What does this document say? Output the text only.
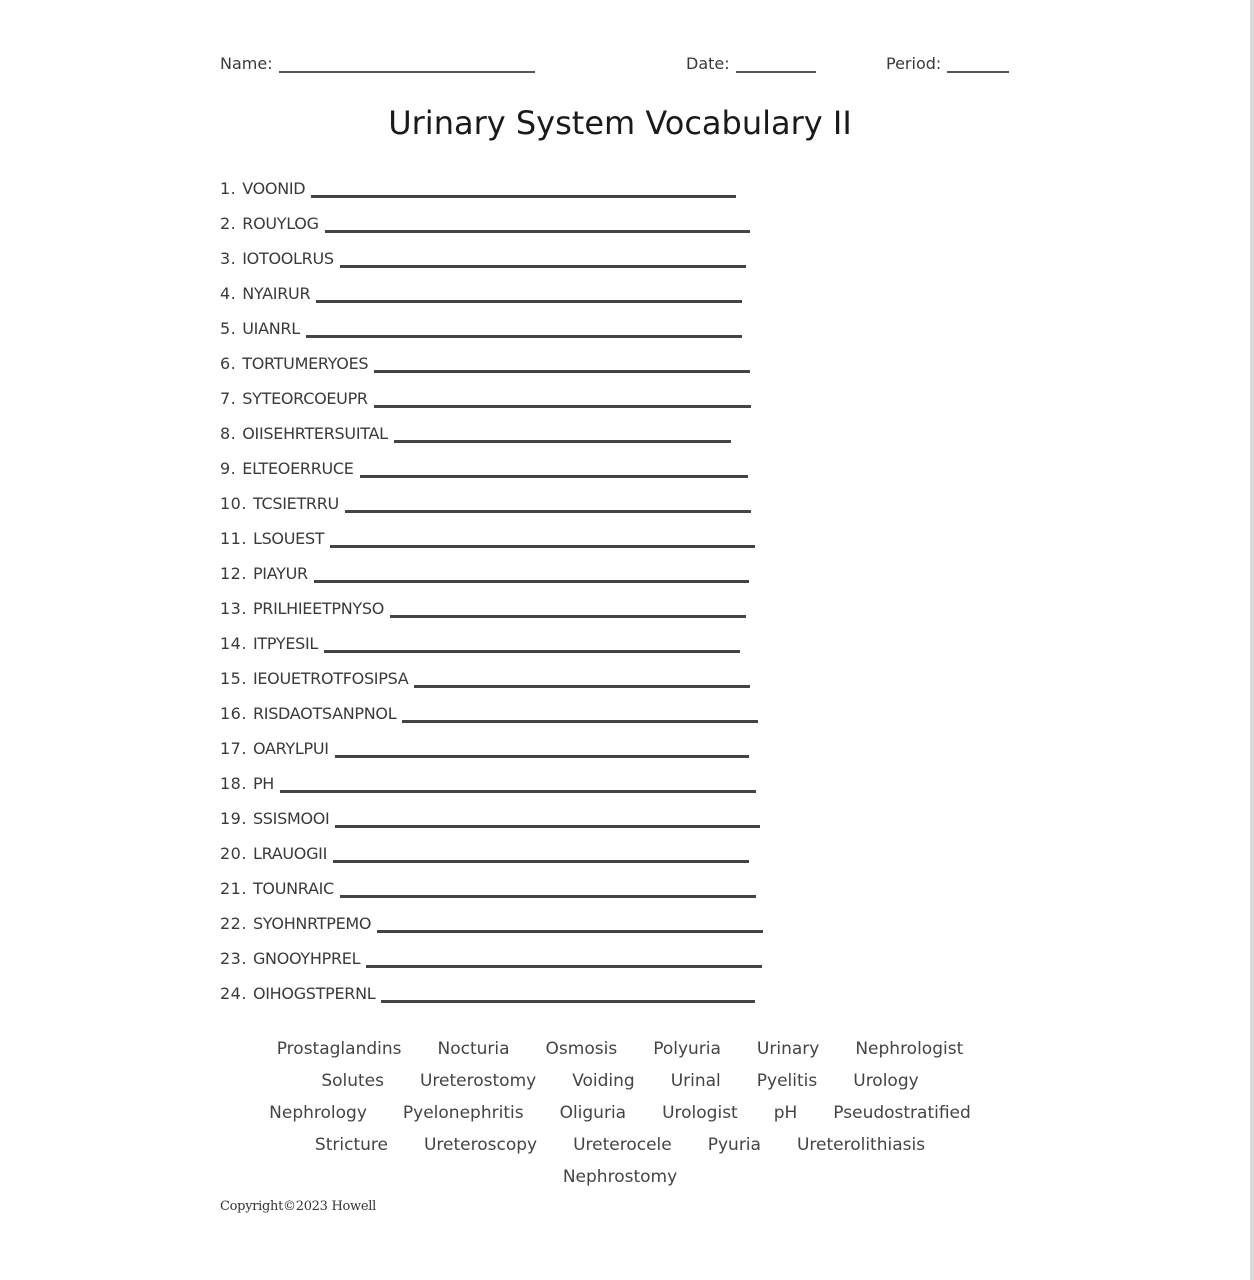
Name:	Date:	Period:
Urinary System Vocabulary II
1. VOONID
2. ROUYLOG
3. IOTOOLRUS
4. NYAIRUR
5. UIANRL
6. TORTUMERYOES
7. SYTEORCOEUPR
8. OIISEHRTERSUITAL
9. ELTEOERRUCE
10. TCSIETRRU
11. LSOUEST
12. PIAYUR
13. PRILHIEETPNYSO
14. ITPYESIL
15. IEOUETROTFOSIPSA
16. RISDAOTSANPNOL
17. OARYLPUI
18. PH
19. SSISMOOI
20. LRAUOGII
21. TOUNRAIC
22. SYOHNRTPEMO
23. GNOOYHPREL
24. OIHOGSTPERNL
Prostaglandins Nocturia Osmosis Polyuria Urinary Nephrologist
Solutes Ureterostomy Voiding Urinal Pyelitis Urology
Nephrology Pyelonephritis Oliguria Urologist pH Pseudostratified
Stricture Ureteroscopy Ureterocele Pyuria Ureterolithiasis
Nephrostomy
Copyright©2023 Howell
